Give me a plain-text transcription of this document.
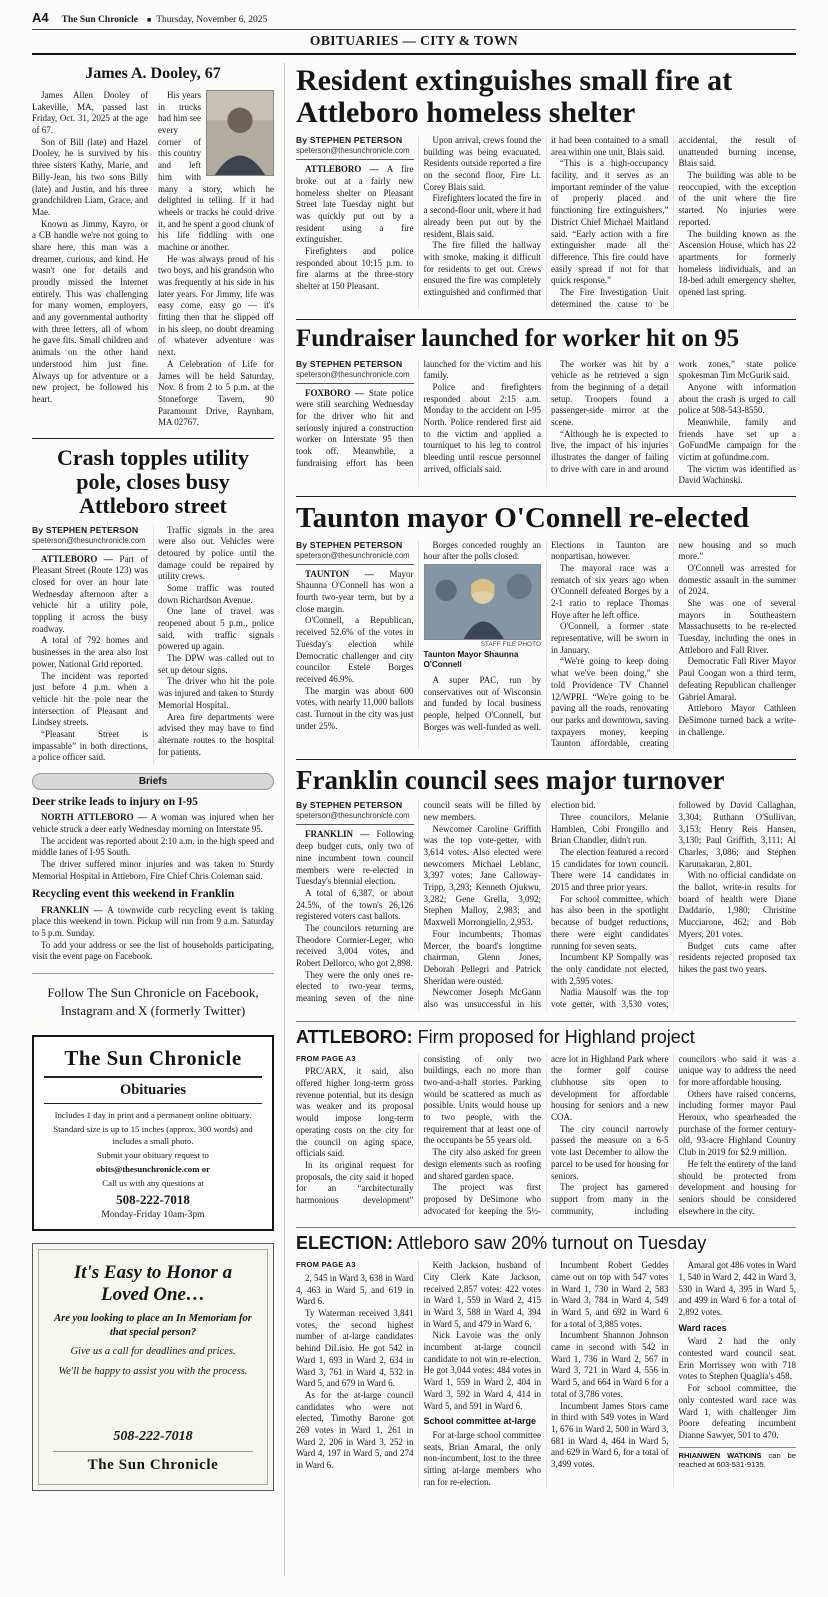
A4 The Sun Chronicle ■ Thursday, November 6, 2025
OBITUARIES — CITY & TOWN
James A. Dooley, 67

James Allen Dooley of Lakeville, MA, passed last Friday, Oct. 31, 2025 at the age of 67.

Son of Bill (late) and Hazel Dooley, he is survived by his three sisters Kathy, Marie, and Billy-Jean, his two sons Billy (late) and Justin, and his three grandchildren Liam, Grace, and Mae.

Known as Jimmy, Kayro, or a CB handle we're not going to share here, this man was a dreamer, curious, and kind. He wasn't one for details and proudly missed the Internet entirely. This was challenging for many women, employers, and any governmental authority with three letters, all of whom he gave fits. Small children and animals on the other hand understood him just fine. Always up for adventure or a new project, he followed his heart.

His years in trucks had him see every corner of this country and left him with many a story, which he delighted in telling. If it had wheels or tracks he could drive it, and he spent a good chunk of his life fiddling with one machine or another.

He was always proud of his two boys, and his grandson who was frequently at his side in his later years. For Jimmy, life was easy come, easy go — it's fitting then that he slipped off in his sleep, no doubt dreaming of whatever adventure was next.

A Celebration of Life for James will be held Saturday, Nov. 8 from 2 to 5 p.m. at the Stoneforge Tavern, 90 Paramount Drive, Raynham, MA 02767.

Crash topples utility pole, closes busy Attleboro street
By STEPHEN PETERSON
speterson@thesunchronicle.com

ATTLEBORO — Part of Pleasant Street (Route 123) was closed for over an hour late Wednesday afternoon after a vehicle hit a utility pole, toppling it across the busy roadway.

A total of 792 homes and businesses in the area also lost power, National Grid reported.

The incident was reported just before 4 p.m. when a vehicle hit the pole near the intersection of Pleasant and Lindsey streets.

“Pleasant Street is impassable” in both directions, a police officer said.

Traffic signals in the area were also out. Vehicles were detoured by police until the damage could be repaired by utility crews.

Some traffic was routed down Richardson Avenue.

One lane of travel was reopened about 5 p.m., police said, with traffic signals powered up again.

The DPW was called out to set up detour signs.

The driver who hit the pole was injured and taken to Sturdy Memorial Hospital.

Area fire departments were advised they may have to find alternate routes to the hospital for patients.

Briefs
Deer strike leads to injury on I-95

NORTH ATTLEBORO — A woman was injured when her vehicle struck a deer early Wednesday morning on Interstate 95.

The accident was reported about 2:10 a.m. in the high speed and middle lanes of I-95 South.

The driver suffered minor injuries and was taken to Sturdy Memorial Hospital in Attleboro, Fire Chief Chris Coleman said.

Recycling event this weekend in Franklin

FRANKLIN — A townwide curb recycling event is taking place this weekend in town. Pickup will run from 9 a.m. Saturday to 5 p.m. Sunday.

To add your address or see the list of households participating, visit the event page on Facebook.

Follow The Sun Chronicle on Facebook, Instagram and X (formerly Twitter)
The Sun Chronicle
Obituaries

Includes 1 day in print and a permanent online obituary.

Standard size is up to 15 inches (approx. 300 words) and includes a small photo.

Submit your obituary request to

obits@thesunchronicle.com or

Call us with any questions at

508-222-7018
Monday-Friday 10am-3pm
It's Easy to Honor a Loved One…

Are you looking to place an In Memoriam for that special person?

Give us a call for deadlines and prices.

We'll be happy to assist you with the process.

508-222-7018
The Sun Chronicle
Resident extinguishes small fire at Attleboro homeless shelter
By STEPHEN PETERSON
speterson@thesunchronicle.com

ATTLEBORO — A fire broke out at a fairly new homeless shelter on Pleasant Street late Tuesday night but was quickly put out by a resident using a fire extinguisher.

Firefighters and police responded about 10:15 p.m. to fire alarms at the three-story shelter at 150 Pleasant.

Upon arrival, crews found the building was being evacuated. Residents outside reported a fire on the second floor, Fire Lt. Corey Blais said.

Firefighters located the fire in a second-floor unit, where it had already been put out by the resident, Blais said.

The fire filled the hallway with smoke, making it difficult for residents to get out. Crews ensured the fire was completely extinguished and confirmed that it had been contained to a small area within one unit, Blais said.

“This is a high-occupancy facility, and it serves as an important reminder of the value of properly placed and functioning fire extinguishers,” District Chief Michael Maitland said. “Early action with a fire extinguisher made all the difference. This fire could have easily spread if not for that quick response.”

The Fire Investigation Unit determined the cause to be accidental, the result of unattended burning incense, Blais said.

The building was able to be reoccupied, with the exception of the unit where the fire started. No injuries were reported.

The building known as the Ascension House, which has 22 apartments for formerly homeless individuals, and an 18-bed adult emergency shelter, opened last spring.

Fundraiser launched for worker hit on 95
By STEPHEN PETERSON
speterson@thesunchronicle.com

FOXBORO — State police were still searching Wednesday for the driver who hit and seriously injured a construction worker on Interstate 95 then took off. Meanwhile, a fundraising effort has been launched for the victim and his family.

Police and firefighters responded about 2:15 a.m. Monday to the accident on I-95 North. Police rendered first aid to the victim and applied a tourniquet to his leg to control bleeding until rescue personnel arrived, officials said.

The worker was hit by a vehicle as he retrieved a sign from the beginning of a detail setup. Troopers found a passenger-side mirror at the scene.

“Although he is expected to live, the impact of his injuries illustrates the danger of failing to drive with care in and around work zones,” state police spokesman Tim McGurik said.

Anyone with information about the crash is urged to call police at 508-543-8550.

Meanwhile, family and friends have set up a GoFundMe campaign for the victim at gofundme.com.

The victim was identified as David Wachinski.

Taunton mayor O'Connell re-elected
By STEPHEN PETERSON
speterson@thesunchronicle.com

TAUNTON — Mayor Shaunna O'Connell has won a fourth two-year term, but by a close margin.

O'Connell, a Republican, received 52.6% of the votes in Tuesday's election while Democratic challenger and city councilor Estele Borges received 46.9%.

The margin was about 600 votes, with nearly 11,000 ballots cast. Turnout in the city was just under 25%.

Borges conceded roughly an hour after the polls closed.

STAFF FILE PHOTO
Taunton Mayor Shaunna O'Connell

A super PAC, run by conservatives out of Wisconsin and funded by local business people, helped O'Connell, but Borges was well-funded as well. Elections in Taunton are nonpartisan, however.

The mayoral race was a rematch of six years ago when O'Connell defeated Borges by a 2-1 ratio to replace Thomas Hoye after he left office.

O'Connell, a former state representative, will be sworn in in January.

“We're going to keep doing what we've been doing,” she told Providence TV Channel 12/WPRI. “We're going to be paving all the roads, renovating our parks and downtown, saving taxpayers money, keeping Taunton affordable, creating new housing and so much more.”

O'Connell was arrested for domestic assault in the summer of 2024.

She was one of several mayors in Southeastern Massachusetts to be re-elected Tuesday, including the ones in Attleboro and Fall River.

Democratic Fall River Mayor Paul Coogan won a third term, defeating Republican challenger Gabriel Amaral.

Attleboro Mayor Cathleen DeSimone turned back a write-in challenge.

Franklin council sees major turnover
By STEPHEN PETERSON
speterson@thesunchronicle.com

FRANKLIN — Following deep budget cuts, only two of nine incumbent town council members were re-elected in Tuesday's biennial election.

A total of 6,387, or about 24.5%, of the town's 26,126 registered voters cast ballots.

The councilors returning are Theodore Cormier-Leger, who received 3,004 votes, and Robert Dellorco, who got 2,898.

They were the only ones re-elected to two-year terms, meaning seven of the nine council seats will be filled by new members.

Newcomer Caroline Griffith was the top vote-getter, with 3,614 votes. Also elected were newcomers Michael Leblanc, 3,397 votes; Jane Calloway-Tripp, 3,293; Kenneth Ojukwu, 3,282; Gene Grella, 3,092; Stephen Malloy, 2,983; and Maxwell Morrongiello, 2,953.

Four incumbents, Thomas Mercer, the board's longtime chairman, Glenn Jones, Deborah Pellegri and Patrick Sheridan were ousted.

Newcomer Joseph McGann also was unsuccessful in his election bid.

Three councilors, Melanie Hamblen, Cobi Frongillo and Brian Chandler, didn't run.

The election featured a record 15 candidates for town council. There were 14 candidates in 2015 and three prior years.

For school committee, which has also been in the spotlight because of budget reductions, there were eight candidates running for seven seats.

Incumbent KP Sompally was the only candidate not elected, with 2,595 votes.

Nadia Mausolf was the top vote getter, with 3,530 votes, followed by David Callaghan, 3,304; Ruthann O'Sullivan, 3,153; Henry Reis Hansen, 3,130; Paul Griffith, 3,111; Al Charles, 3,086; and Stephen Karunakaran, 2,801.

With no official candidate on the ballot, write-in results for board of health were Diane Daddario, 1,980; Christine Mucciarone, 462; and Bob Myers, 201 votes.

Budget cuts came after residents rejected proposed tax hikes the past two years.

ATTLEBORO: Firm proposed for Highland project
FROM PAGE A3

PRC/ARX, it said, also offered higher long-term gross revenue potential, but its design was weaker and its proposal would impose long-term operating costs on the city for the council on aging space, officials said.

In its original request for proposals, the city said it hoped for an “architecturally harmonious development” consisting of only two buildings, each no more than two-and-a-half stories. Parking would be scattered as much as possible. Units would house up to two people, with the requirement that at least one of the occupants be 55 years old.

The city also asked for green design elements such as roofing and shared garden space.

The project was first proposed by DeSimone who advocated for keeping the 5½-acre lot in Highland Park where the former golf course clubhouse sits open to development for affordable housing for seniors and a new COA.

The city council narrowly passed the measure on a 6-5 vote last December to allow the parcel to be used for housing for seniors.

The project has garnered support from many in the community, including councilors who said it was a unique way to address the need for more affordable housing.

Others have raised concerns, including former mayor Paul Heroux, who spearheaded the purchase of the former century-old, 93-acre Highland Country Club in 2019 for $2.9 million.

He felt the entirety of the land should be protected from development and housing for seniors should be considered elsewhere in the city.

ELECTION: Attleboro saw 20% turnout on Tuesday
FROM PAGE A3

2, 545 in Ward 3, 638 in Ward 4, 463 in Ward 5, and 619 in Ward 6.

Ty Waterman received 3,841 votes, the second highest number of at-large candidates behind DiLisio. He got 542 in Ward 1, 693 in Ward 2, 634 in Ward 3, 761 in Ward 4, 532 in Ward 5, and 679 in Ward 6.

As for the at-large council candidates who were not elected, Timothy Barone got 269 votes in Ward 1, 261 in Ward 2, 206 in Ward 3, 252 in Ward 4, 197 in Ward 5, and 274 in Ward 6.

Keith Jackson, husband of City Clerk Kate Jackson, received 2,857 votes: 422 votes in Ward 1, 559 in Ward 2, 415 in Ward 3, 588 in Ward 4, 394 in Ward 5, and 479 in Ward 6.

Nick Lavoie was the only incumbent at-large council candidate to not win re-election. He got 3,044 votes: 484 votes in Ward 1, 559 in Ward 2, 404 in Ward 3, 592 in Ward 4, 414 in Ward 5, and 591 in Ward 6.

School committee at-large

For at-large school committee seats, Brian Amaral, the only non-incumbent, lost to the three sitting at-large members who ran for re-election.

Incumbent Robert Geddes came out on top with 547 votes in Ward 1, 730 in Ward 2, 583 in Ward 3, 784 in Ward 4, 549 in Ward 5, and 692 in Ward 6 for a total of 3,885 votes.

Incumbent Shannon Johnson came in second with 542 in Ward 1, 736 in Ward 2, 567 in Ward 3, 721 in Ward 4, 556 in Ward 5, and 664 in Ward 6 for a total of 3,786 votes.

Incumbent James Stors came in third with 549 votes in Ward 1, 676 in Ward 2, 500 in Ward 3, 681 in Ward 4, 464 in Ward 5, and 629 in Ward 6, for a total of 3,499 votes.

Amaral got 486 votes in Ward 1, 540 in Ward 2, 442 in Ward 3, 530 in Ward 4, 395 in Ward 5, and 499 in Ward 6 for a total of 2,892 votes.

Ward races

Ward 2 had the only contested ward council seat. Erin Morrissey won with 718 votes to Stephen Quaglia's 458.

For school committee, the only contested ward race was Ward 1, with challenger Jim Poore defeating incumbent Dianne Sawyer, 501 to 470.

RHIANWEN WATKINS can be reached at 603-531-9135.
